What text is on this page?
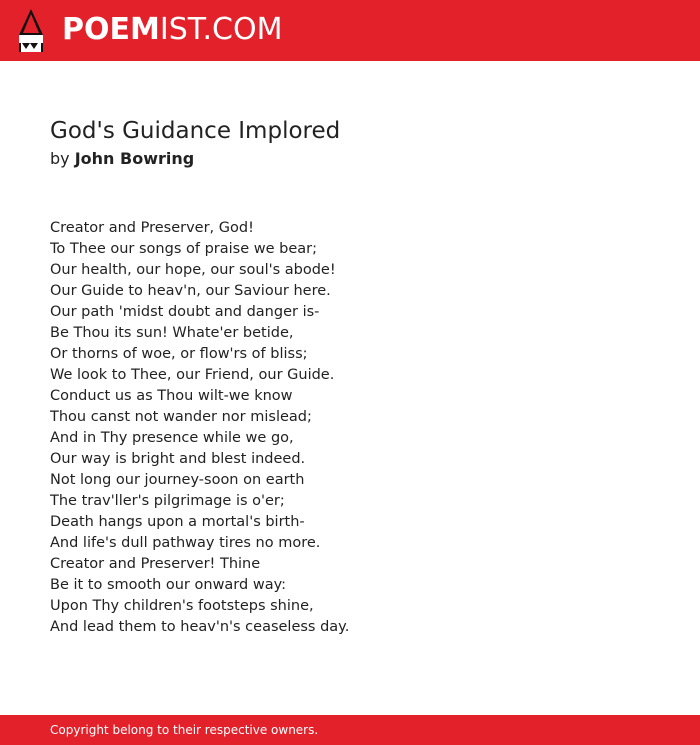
POEMIST.COM
God's Guidance Implored
by John Bowring
Creator and Preserver, God!
To Thee our songs of praise we bear;
Our health, our hope, our soul's abode!
Our Guide to heav'n, our Saviour here.
Our path 'midst doubt and danger is-
Be Thou its sun! Whate'er betide,
Or thorns of woe, or flow'rs of bliss;
We look to Thee, our Friend, our Guide.
Conduct us as Thou wilt-we know
Thou canst not wander nor mislead;
And in Thy presence while we go,
Our way is bright and blest indeed.
Not long our journey-soon on earth
The trav'ller's pilgrimage is o'er;
Death hangs upon a mortal's birth-
And life's dull pathway tires no more.
Creator and Preserver! Thine
Be it to smooth our onward way:
Upon Thy children's footsteps shine,
And lead them to heav'n's ceaseless day.
Copyright belong to their respective owners.
